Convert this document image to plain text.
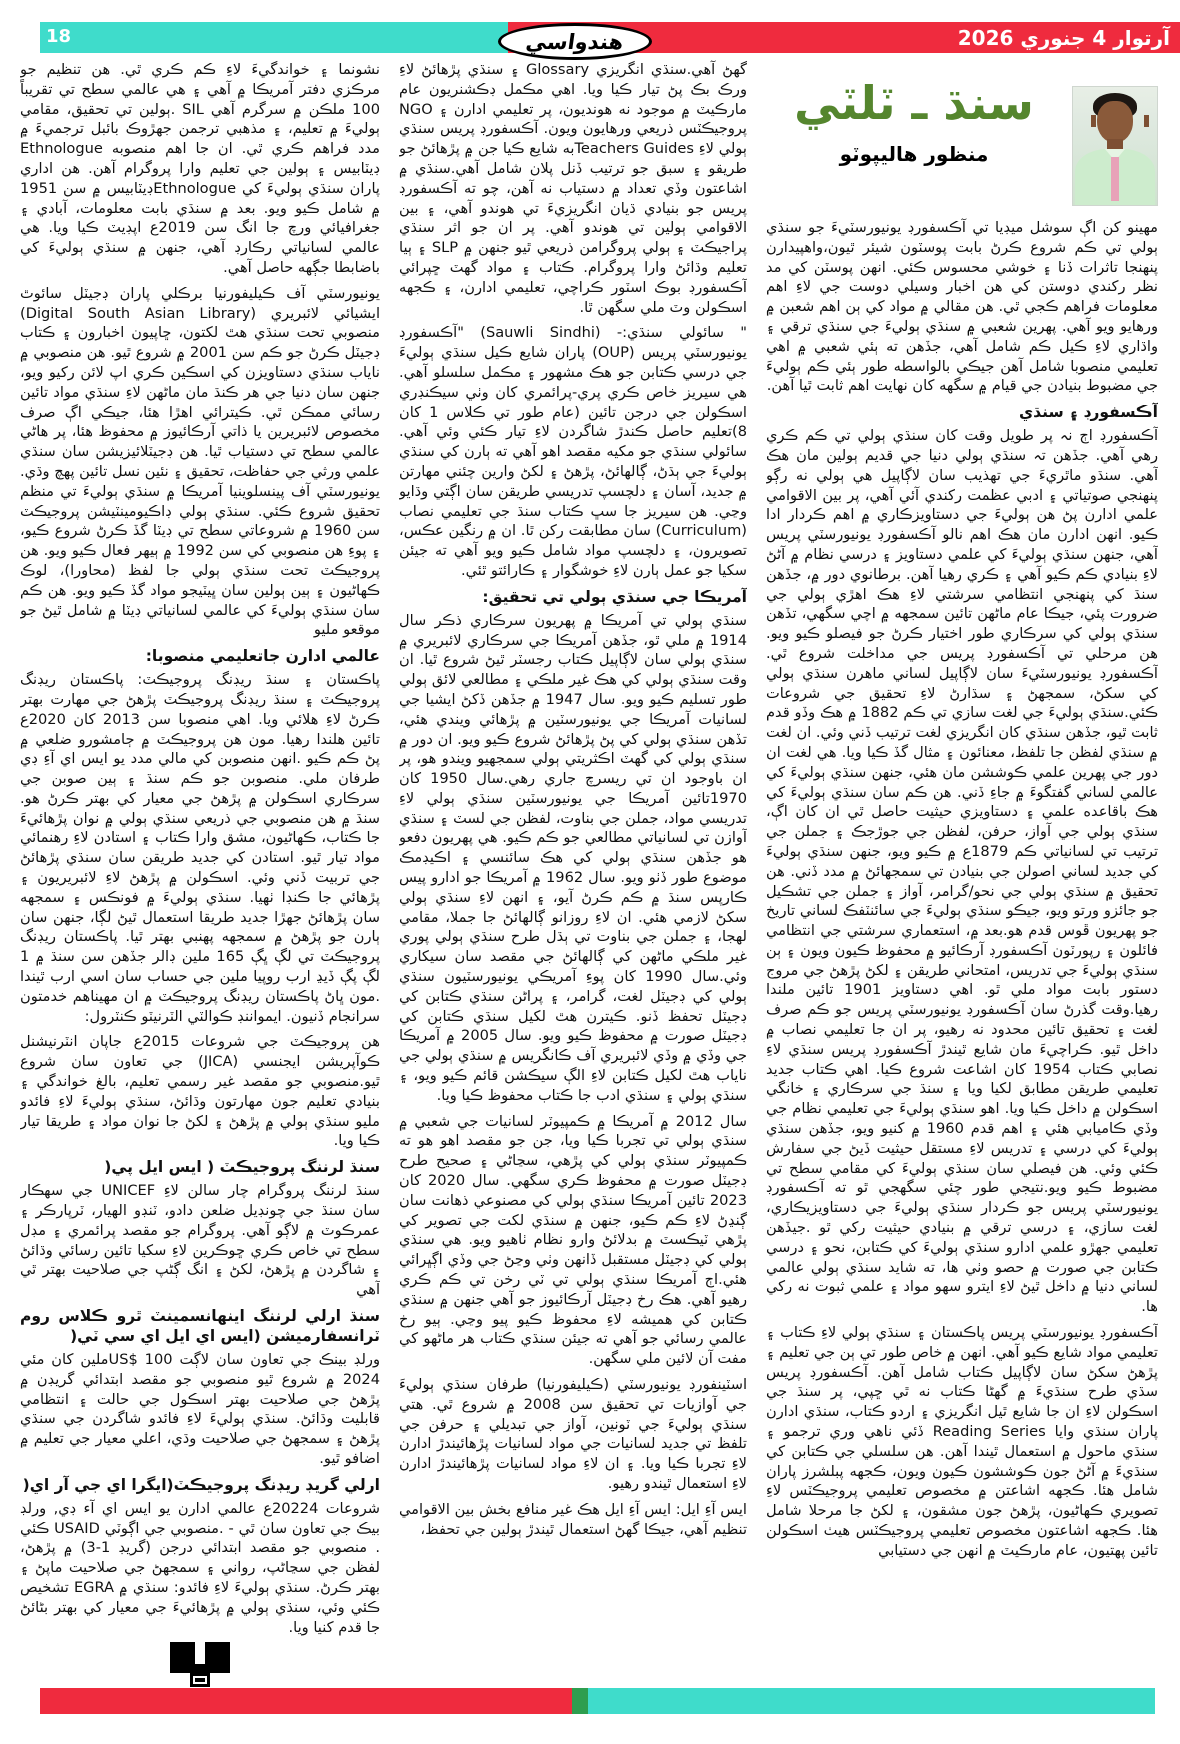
آرتوار 4 جنوري 2026
18	هندواسي
سنڌ ـ ٽلٽي
منظور هاليپوٽو

مهينو کن اڳ سوشل ميڊيا تي آڪسفورڊ يونيورسٽيءَ جو سنڌي ٻولي تي ڪم شروع ڪرڻ بابت پوسٽون شيئر ٿيون،واهپيدارن پنهنجا تاثرات ڏنا ۽ خوشي محسوس ڪئي. انهن پوسٽن کي مد نظر رکندي دوستن کي هن اخبار وسيلي دوست جي لاءِ اهم معلومات فراهم ڪجي ٿي. هن مقالي ۾ مواد کي ٻن اهم شعبن ۾ ورهايو ويو آهي. پهرين شعبي ۾ سنڌي ٻوليءَ جي سنڌي ترقي ۽ واڌاري لاءِ ڪيل ڪم شامل آهي، جڏهن ته ٻئي شعبي ۾ اهي تعليمي منصوبا شامل آهن جيڪي بالواسطه طور ٻئي ڪم ٻوليءَ جي مضبوط بنيادن جي قيام ۾ سگهه کان نهايت اهم ثابت ٿيا آهن.

آڪسفورڊ ۽ سنڌي

آڪسفورڊ اڄ نہ پر طويل وقت کان سنڌي ٻولي تي ڪم ڪري رهي آهي. جڏهن تہ سنڌي ٻولي دنيا جي قديم ٻولين مان هڪ آهي. سنڌو ماٿريءَ جي تهذيب سان لاڳاپيل هي ٻولي نه رڳو پنهنجي صوتياتي ۽ ادبي عظمت رکندي آئي آهي، پر بين الاقوامي علمي ادارن پڻ هن ٻوليءَ جي دستاويزڪاري ۾ اهم ڪردار ادا ڪيو. انهن ادارن مان هڪ اهم نالو آڪسفورڊ يونيورسٽي پريس آهي، جنهن سنڌي ٻوليءَ کي علمي دستاويز ۽ درسي نظام ۾ آڻڻ لاءِ بنيادي ڪم ڪيو آهي ۽ ڪري رهيا آهن. برطانوي دور ۾، جڏهن سنڌ کي پنهنجي انتظامي سرشتي لاءِ هڪ اهڙي ٻولي جي ضرورت پئي، جيڪا عام ماڻهن تائين سمجهه ۾ اچي سگهي، تڏهن سنڌي ٻولي کي سرڪاري طور اختيار ڪرڻ جو فيصلو ڪيو ويو. هن مرحلي تي آڪسفورڊ پريس جي مداخلت شروع ٿي. آڪسفورڊ يونيورسٽيءَ سان لاڳاپيل لساني ماهرن سنڌي ٻولي کي سکڻ، سمجهڻ ۽ سڌارڻ لاءِ تحقيق جي شروعات ڪئي.سنڌي ٻوليءَ جي لغت سازي تي ڪم 1882 ۾ هڪ وڏو قدم ثابت ٿيو، جڏهن سنڌي کان انگريزي لغت ترتيب ڏني وئي. ان لغت ۾ سنڌي لفظن جا تلفظ، معنائون ۽ مثال گڏ ڪيا ويا. هي لغت ان دور جي پهرين علمي ڪوششن مان هئي، جنهن سنڌي ٻوليءَ کي عالمي لساني گفتگوءَ ۾ جاءِ ڏني. هن ڪم سان سنڌي ٻوليءَ کي هڪ باقاعده علمي ۽ دستاويزي حيثيت حاصل ٿي ان کان اڳ، سنڌي ٻولي جي آواز، حرفن، لفظن جي جوڙجڪ ۽ جملن جي ترتيب تي لسانياتي ڪم 1879ع ۾ ڪيو ويو، جنهن سنڌي ٻوليءَ کي جديد لساني اصولن جي بنيادن تي سمجهائڻ ۾ مدد ڏني. هن تحقيق ۾ سنڌي ٻولي جي نحو/گرامر، آواز ۽ جملن جي تشڪيل جو جائزو ورتو ويو، جيڪو سنڌي ٻوليءَ جي سائنٽفڪ لساني تاريخ جو پهريون ڦوس قدم هو.بعد ۾، استعماري سرشتي جي انتظامي فائلون ۽ رپورٽون آڪسفورڊ آرڪائيو ۾ محفوظ ڪيون ويون ۽ ٻن سنڌي ٻوليءَ جي تدريس، امتحاني طريقن ۽ لکڻ پڙهڻ جي مروج دستور بابت مواد ملي ٿو. اهي دستاويز 1901 تائين ملندا رهيا.وقت گذرڻ سان آڪسفورڊ يونيورسٽي پريس جو ڪم صرف لغت ۽ تحقيق تائين محدود نه رهيو، پر ان جا تعليمي نصاب ۾ داخل ٿيو. ڪراچيءَ مان شايع ٿيندڙ آڪسفورڊ پريس سنڌي لاءِ نصابي ڪتاب 1954 کان اشاعت شروع ڪيا. اهي ڪتاب جديد تعليمي طريقن مطابق لکيا ويا ۽ سنڌ جي سرڪاري ۽ خانگي اسڪولن ۾ داخل ڪيا ويا. اهو سنڌي ٻوليءَ جي تعليمي نظام جي وڏي ڪاميابي هئي ۽ اهم قدم 1960 ۾ کنيو ويو، جڏهن سنڌي ٻوليءَ کي درسي ۽ تدريس لاءِ مستقل حيثيت ڏيڻ جي سفارش ڪئي وئي. هن فيصلي سان سنڌي ٻوليءَ کي مقامي سطح تي مضبوط ڪيو ويو.نتيجي طور چئي سگهجي ٿو ته آڪسفورڊ يونيورسٽي پريس جو ڪردار سنڌي ٻوليءَ جي دستاويزيڪاري، لغت سازي، ۽ درسي ترقي ۾ بنيادي حيثيت رکي ٿو .جيڏهن تعليمي جهڙو علمي ادارو سنڌي ٻوليءَ کي ڪتابن، نحو ۽ درسي ڪتابن جي صورت ۾ حصو وٺي ها، ته شايد سنڌي ٻولي عالمي لساني دنيا ۾ داخل ٿيڻ لاءِ ايترو سهو مواد ۽ علمي ثبوت نه رکي ها.

آڪسفورڊ يونيورسٽي پريس پاڪستان ۽ سنڌي ٻولي لاءِ ڪتاب ۽ تعليمي مواد شايع ڪيو آهي. انهن ۾ خاص طور تي ٻن جي تعليم ۽ پڙهڻ سکڻ سان لاڳاپيل ڪتاب شامل آهن. آڪسفورڊ پريس سڌي طرح سنڌيءَ ۾ گهڻا ڪتاب نه ٿي ڇپي، پر سنڌ جي اسڪولن لاءِ ان جا شايع ٿيل انگريزي ۽ اردو ڪتاب، سنڌي ادارن پاران سنڌي وايا Reading Series ڏئي ناهي وري ترجمو ۽ سنڌي ماحول ۾ استعمال ٿيندا آهن. هن سلسلي جي ڪتابن کي سنڌيءَ ۾ آڻڻ جون ڪوششون ڪيون ويون، ڪجهه پبلشرز پاران شامل هئا. ڪجهه اشاعتن ۾ مخصوص تعليمي پروجيڪٽس لاءِ تصويري ڪهاڻيون، پڙهڻ جون مشقون، ۽ لکڻ جا مرحلا شامل هئا. ڪجهه اشاعتون مخصوص تعليمي پروجيڪٽس هيٺ اسڪولن تائين پهتيون، عام مارڪيٽ ۾ انهن جي دستيابي

گهڻ آهي.سنڌي انگريزي Glossary ۽ سنڌي پڙهائڻ لاءِ ورڪ بڪ پڻ تيار ڪيا ويا. اهي مڪمل ڊڪشنريون عام مارڪيٽ ۾ موجود نه هونديون، پر تعليمي ادارن ۽ NGO پروجيڪٽس ذريعي ورهايون ويون. آڪسفورڊ پريس سنڌي ٻولي لاءِ Teachers Guidesبه شايع ڪيا جن ۾ پڙهائڻ جو طريقو ۽ سبق جو ترتيب ڏنل پلان شامل آهي.سنڌي ۾ اشاعتون وڏي تعداد ۾ دستياب نه آهن، چو ته آڪسفورڊ پريس جو بنيادي ڌيان انگريزيءَ تي هوندو آهي، ۽ بين الاقوامي ٻولين تي هوندو آهي. پر ان جو اثر سنڌي پراجيڪٽ ۽ ٻولي پروگرامن ذريعي ٿيو جنهن ۾ SLP ۽ ٻيا تعليم وڌائڻ وارا پروگرام. ڪتاب ۽ مواد گهٽ ڇپرائي آڪسفورڊ بوڪ اسٽور ڪراچي، تعليمي ادارن، ۽ ڪجهه اسڪولن وٽ ملي سگهن ٿا.

" سائولي سنڌي:- (Sauwli Sindhi) "آڪسفورڊ يونيورسٽي پريس (OUP) پاران شايع ڪيل سنڌي ٻوليءَ جي درسي ڪتابن جو هڪ مشهور ۽ مڪمل سلسلو آهي. هي سيريز خاص ڪري پري-پرائمري کان وٺي سيڪنڊري اسڪولن جي درجن تائين (عام طور تي ڪلاس 1 کان 8)تعليم حاصل ڪندڙ شاگردن لاءِ تيار ڪئي وئي آهي. سائولي سنڌي جو مکيه مقصد اهو آهي ته ٻارن کي سنڌي ٻوليءَ جي ٻڌڻ، ڳالهائڻ، پڙهڻ ۽ لکڻ وارين چئني مهارتن ۾ جديد، آسان ۽ دلچسپ تدريسي طريقن سان اڳتي وڌايو وڃي. هن سيريز جا سڀ ڪتاب سنڌ جي تعليمي نصاب (Curriculum) سان مطابقت رکن ٿا. ان ۾ رنگين عڪس، تصويرون، ۽ دلچسپ مواد شامل ڪيو ويو آهي ته جيئن سکيا جو عمل ٻارن لاءِ خوشگوار ۽ ڪارائتو ٿئي.

آمريڪا جي سنڌي ٻولي تي تحقيق:

سنڌي ٻولي تي آمريڪا ۾ پهريون سرڪاري ذڪر سال 1914 ۾ ملي ٿو، جڏهن آمريڪا جي سرڪاري لائبريري ۾ سنڌي ٻولي سان لاڳاپيل ڪتاب رجسٽر ٿيڻ شروع ٿيا. ان وقت سنڌي ٻولي کي هڪ غير ملڪي ۽ مطالعي لائق ٻولي طور تسليم ڪيو ويو. سال 1947 ۾ جڏهن ڏکڻ ايشيا جي لسانيات آمريڪا جي يونيورسٽين ۾ پڙهائي ويندي هئي، تڏهن سنڌي ٻولي کي پڻ پڙهائڻ شروع ڪيو ويو. ان دور ۾ سنڌي ٻولي کي گهٽ اڪثريتي ٻولي سمجهيو ويندو هو، پر ان باوجود ان تي ريسرچ جاري رهي.سال 1950 کان 1970تائين آمريڪا جي يونيورسٽين سنڌي ٻولي لاءِ تدريسي مواد، جملن جي بناوت، لفظن جي لسٽ ۽ سنڌي آوازن تي لسانياتي مطالعي جو ڪم ڪيو. هي پهريون دفعو هو جڏهن سنڌي ٻولي کي هڪ سائنسي ۽ اڪيڊمڪ موضوع طور ڏٺو ويو. سال 1962 ۾ آمريڪا جو ادارو پيس ڪارپس سنڌ ۾ ڪم ڪرڻ آيو، ۽ انهن لاءِ سنڌي ٻولي سکڻ لازمي هئي. ان لاءِ روزانو ڳالهائڻ جا جملا، مقامي لهجا، ۽ جملن جي بناوت تي ٻڌل طرح سنڌي ٻولي پوري غير ملڪي ماڻهن کي ڳالهائڻ جي مقصد سان سيکاري وئي.سال 1990 کان پوءِ آمريڪي يونيورسٽيون سنڌي ٻولي کي ڊجيٽل لغت، گرامر، ۽ پراڻن سنڌي ڪتابن کي ڊجيٽل تحفظ ڏنو. ڪيترن هٿ لکيل سنڌي ڪتابن کي ڊجيٽل صورت ۾ محفوظ ڪيو ويو. سال 2005 ۾ آمريڪا جي وڏي ۾ وڏي لائبريري آف ڪانگريس ۾ سنڌي ٻولي جي ناياب هٿ لکيل ڪتابن لاءِ الڳ سيڪشن قائم ڪيو ويو، ۽ سنڌي ٻولي ۽ سنڌي ادب جا ڪتاب محفوظ ڪيا ويا.

سال 2012 ۾ آمريڪا ۾ ڪمپيوٽر لسانيات جي شعبي ۾ سنڌي ٻولي تي تجربا ڪيا ويا، جن جو مقصد اهو هو ته ڪمپيوٽر سنڌي ٻولي کي پڙهي، سڃاڻي ۽ صحيح طرح ڊجيٽل صورت ۾ محفوظ ڪري سگهي. سال 2020 کان 2023 تائين آمريڪا سنڌي ٻولي کي مصنوعي ذهانت سان ڳنڍڻ لاءِ ڪم ڪيو، جنهن ۾ سنڌي لکت جي تصوير کي پڙهي ٽيڪسٽ ۾ بدلائڻ وارو نظام ٺاهيو ويو. هي سنڌي ٻولي کي ڊجيٽل مستقبل ڏانهن وٺي وڃڻ جي وڏي اڳڀرائي هئي.اڄ آمريڪا سنڌي ٻولي تي ٽي رخن تي ڪم ڪري رهيو آهي. هڪ رخ ڊجيٽل آرڪائيوز جو آهي جنهن ۾ سنڌي ڪتابن کي هميشه لاءِ محفوظ ڪيو پيو وڃي. ٻيو رخ عالمي رسائي جو آهي ته جيئن سنڌي ڪتاب هر ماڻهو کي مفت آن لائين ملي سگهن.

اسٽينفورڊ يونيورسٽي (ڪيليفورنيا) طرفان سنڌي ٻوليءَ جي آوازيات تي تحقيق سن 2008 ۾ شروع ٿي. هتي سنڌي ٻوليءَ جي ٽونين، آواز جي تبديلي ۽ حرفن جي تلفظ تي جديد لسانيات جي مواد لسانيات پڙهائيندڙ ادارن لاءِ تجربا ڪيا ويا. ۽ ان لاءِ مواد لسانيات پڙهائيندڙ ادارن لاءِ استعمال ٿيندو رهيو.

ايس آءِ ايل: ايس آءِ ايل هڪ غير منافع بخش بين الاقوامي تنظيم آهي، جيڪا گهڻ استعمال ٿيندڙ ٻولين جي تحفظ،

نشونما ۽ خواندگيءَ لاءِ ڪم ڪري ٿي. هن تنظيم جو مرڪزي دفتر آمريڪا ۾ آهي ۽ هي عالمي سطح تي تقريباً 100 ملڪن ۾ سرگرم آهي SIL .ٻولين تي تحقيق، مقامي ٻوليءَ ۾ تعليم، ۽ مذهبي ترجمن جهڙوڪ بائبل ترجميءَ ۾ مدد فراهم ڪري ٿي. ان جا اهم منصوبه Ethnologue ڊيٽابيس ۽ ٻولين جي تعليم وارا پروگرام آهن. هن اداري پاران سنڌي ٻوليءَ کي Ethnologueڊيٽابيس ۾ سن 1951 ۾ شامل ڪيو ويو. بعد ۾ سنڌي بابت معلومات، آبادي ۽ جغرافيائي ورچ جا انگ سن 2019ع اپڊيٽ ڪيا ويا. هي عالمي لسانياتي رڪارڊ آهي، جنهن ۾ سنڌي ٻوليءَ کي باضابطا جڳهه حاصل آهي.

يونيورسٽي آف ڪيليفورنيا برڪلي پاران ڊجيٽل سائوٿ ايشيائي لائبريري (Digital South Asian Library) منصوبي تحت سنڌي هٿ لکتون، ڇاپيون اخبارون ۽ ڪتاب ڊجيٽل ڪرڻ جو ڪم سن 2001 ۾ شروع ٿيو. هن منصوبي ۾ ناياب سنڌي دستاويزن کي اسڪين ڪري اپ لائن رکيو ويو، جنهن سان دنيا جي هر ڪنڌ مان ماڻهن لاءِ سنڌي مواد تائين رسائي ممڪن ٿي. ڪيترائي اهڙا هئا، جيڪي اڳ صرف مخصوص لائبريرين يا ذاتي آرڪائيوز ۾ محفوظ هئا، پر هاڻي عالمي سطح تي دستياب ٿيا. هن ڊجيٽلائيزيشن سان سنڌي علمي ورثي جي حفاظت، تحقيق ۽ نئين نسل تائين پهچ وڌي. يونيورسٽي آف پينسلوينيا آمريڪا ۾ سنڌي ٻوليءَ تي منظم تحقيق شروع ڪئي. سنڌي ٻولي ڊاڪيومينٽيشن پروجيڪٽ سن 1960 ۾ شروعاتي سطح تي ڊيٽا گڏ ڪرڻ شروع ڪيو، ۽ پوءِ هن منصوبي کي سن 1992 ۾ ٻيهر فعال ڪيو ويو. هن پروجيڪٽ تحت سنڌي ٻولي جا لفظ (محاورا)، لوڪ ڪهاڻيون ۽ ٻين ٻولين سان ڀيٽيجو مواد گڏ ڪيو ويو. هن ڪم سان سنڌي ٻوليءَ کي عالمي لسانياتي ڊيٽا ۾ شامل ٿيڻ جو موقعو مليو

عالمي ادارن جاتعليمي منصوبا:

پاڪستان ۽ سنڌ ريڊنگ پروجيڪٽ: پاڪستان ريڊنگ پروجيڪٽ ۽ سنڌ ريڊنگ پروجيڪٽ پڙهڻ جي مهارت بهتر ڪرڻ لاءِ هلائي ويا. اهي منصوبا سن 2013 کان 2020ع تائين هلندا رهيا. مون هن پروجيڪٽ ۾ ڄامشورو ضلعي ۾ پڻ ڪم ڪيو .انهن منصوبن کي مالي مدد يو ايس اي آءِ ڊي طرفان ملي. منصوبن جو ڪم سنڌ ۽ ٻين صوبن جي سرڪاري اسڪولن ۾ پڙهڻ جي معيار کي بهتر ڪرڻ هو. سنڌ ۾ هن منصوبي جي ذريعي سنڌي ٻولي ۾ نوان پڙهائيءَ جا ڪتاب، ڪهاڻيون، مشق وارا ڪتاب ۽ استادن لاءِ رهنمائي مواد تيار ٿيو. استادن کي جديد طريقن سان سنڌي پڙهائڻ جي تربيت ڏني وئي. اسڪولن ۾ پڙهڻ لاءِ لائبريريون ۽ پڙهائي جا ڪنڊا ٺهيا. سنڌي ٻوليءَ ۾ فونڪس ۽ سمجهه سان پڙهائڻ جهڙا جديد طريقا استعمال ٿيڻ لڳا، جنهن سان ٻارن جو پڙهڻ ۾ سمجهه پهنبي بهتر ٿيا. پاڪستان ريڊنگ پروجيڪٽ تي لڳ ڀڳ 165 ملين ڊالر جڏهن سن سنڌ ۾ 1 لڳ پڳ ڏيڍ ارب روپيا ملين جي حساب سان اسي ارب ٿيندا .مون ڀاڻ پاڪستان ريڊنگ پروجيڪٽ ۾ ان مهيناھم خدمتون سرانجام ڏنيون. ايمواننڊ ڪوالٽي الٽرنيٽو ڪنٽرول:

هن پروجيڪٽ جي شروعات 2015ع جاپان انٽرنيشنل ڪوآپريشن ايجنسي (JICA) جي تعاون سان شروع ٿيو.منصوبي جو مقصد غير رسمي تعليم، بالغ خواندگي ۽ بنيادي تعليم جون مهارتون وڌائڻ، سنڌي ٻوليءَ لاءِ فائدو مليو سنڌي ٻولي ۾ پڙهڻ ۽ لکڻ جا نوان مواد ۽ طريقا تيار ڪيا ويا.

سنڌ لرننگ پروجيڪٽ ( ايس ايل پي(

سنڌ لرننگ پروگرام چار سالن لاءِ UNICEF جي سهڪار سان سنڌ جي چونڊيل ضلعن دادو، ٽنڊو الهيار، ٽرپارڪر ۽ عمرڪوٽ ۾ لاڳو آهي. پروگرام جو مقصد پرائمري ۽ مڊل سطح تي خاص ڪري ڇوڪرين لاءِ سکيا تائين رسائي وڌائڻ ۽ شاگردن ۾ پڙهڻ، لکڻ ۽ انگ ڳڻپ جي صلاحيت بهتر ٿي آهي

سنڌ ارلي لرننگ اينهانسمينٽ ٿرو ڪلاس روم ٽرانسفارميشن (ايس اي ايل اي سي ٽي(

ورلڊ بينڪ جي تعاون سان لاڳت US$ 100ملين کان مئي 2024 ۾ شروع ٿيو منصوبي جو مقصد ابتدائي گريڊن ۾ پڙهڻ جي صلاحيت بهتر اسڪول جي حالت ۽ انتظامي قابليت وڌائڻ. سنڌي ٻوليءَ لاءِ فائدو شاگردن جي سنڌي پڙهڻ ۽ سمجهڻ جي صلاحيت وڌي، اعلي معيار جي تعليم ۾ اضافو ٿيو.

ارلي گريڊ ريڊنگ پروجيڪٽ(ايگرا اي جي آر اي(

شروعات 20224ع عالمي ادارن يو ايس اي آء ڊي, ورلڊ بيڪ جي تعاون سان ٿي - .منصوبي جي اڳوٽي USAID ڪئي . منصوبي جو مقصد ابتدائي درجن (گريڊ 1-3) ۾ پڙهڻ، لفظن جي سڃاڻپ، رواني ۽ سمجهڻ جي صلاحيت ماپڻ ۽ بهتر ڪرڻ. سنڌي ٻوليءَ لاءِ فائدو: سنڌي ۾ EGRA تشخيص ڪئي وئي، سنڌي ٻولي ۾ پڙهائيءَ جي معيار کي بهتر بڻائڻ جا قدم کنيا ويا.
